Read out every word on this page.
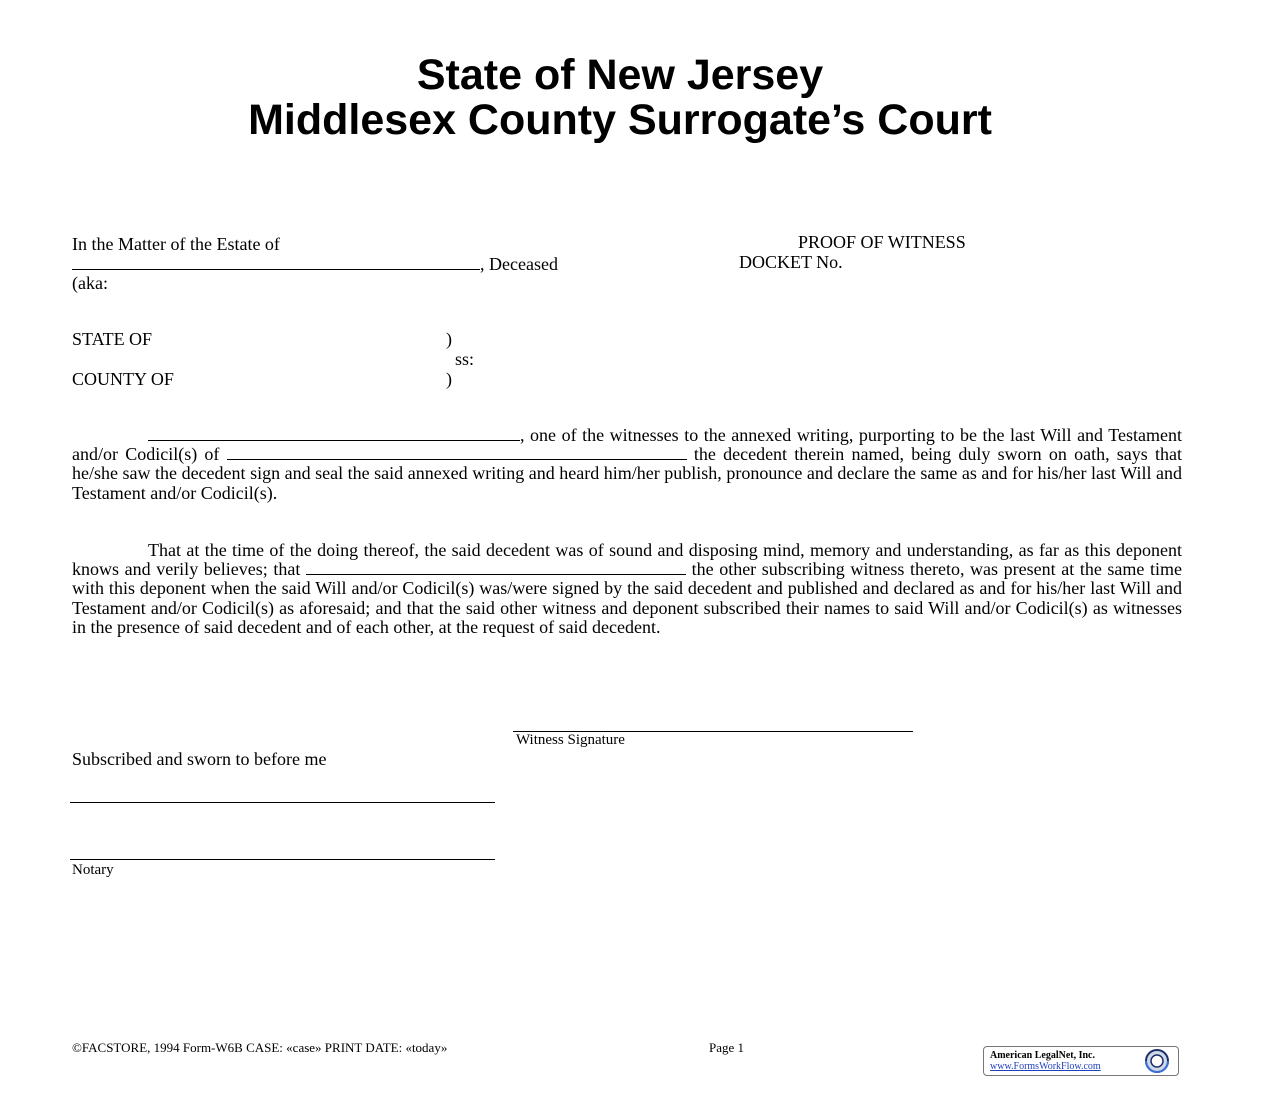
State of New Jersey
Middlesex County Surrogate’s Court
In the Matter of the Estate of
, Deceased
(aka:
PROOF OF WITNESS
DOCKET No.
STATE OF	)
ss:
COUNTY OF	)
, one of the witnesses to the annexed writing, purporting to be the last Will and Testament and/or Codicil(s) of	the decedent therein named, being duly sworn on oath, says that he/she saw the decedent sign and seal the said annexed writing and heard him/her publish, pronounce and declare the same as and for his/her last Will and Testament and/or Codicil(s).
That at the time of the doing thereof, the said decedent was of sound and disposing mind, memory and understanding, as far as this deponent knows and verily believes; that	the other subscribing witness thereto, was present at the same time with this deponent when the said Will and/or Codicil(s) was/were signed by the said decedent and published and declared as and for his/her last Will and Testament and/or Codicil(s) as aforesaid; and that the said other witness and deponent subscribed their names to said Will and/or Codicil(s) as witnesses in the presence of said decedent and of each other, at the request of said decedent.
Witness Signature
Subscribed and sworn to before me
Notary
©FACSTORE, 1994 Form-W6B CASE: «case» PRINT DATE: «today»	Page 1
American LegalNet, Inc.
www.FormsWorkFlow.com
